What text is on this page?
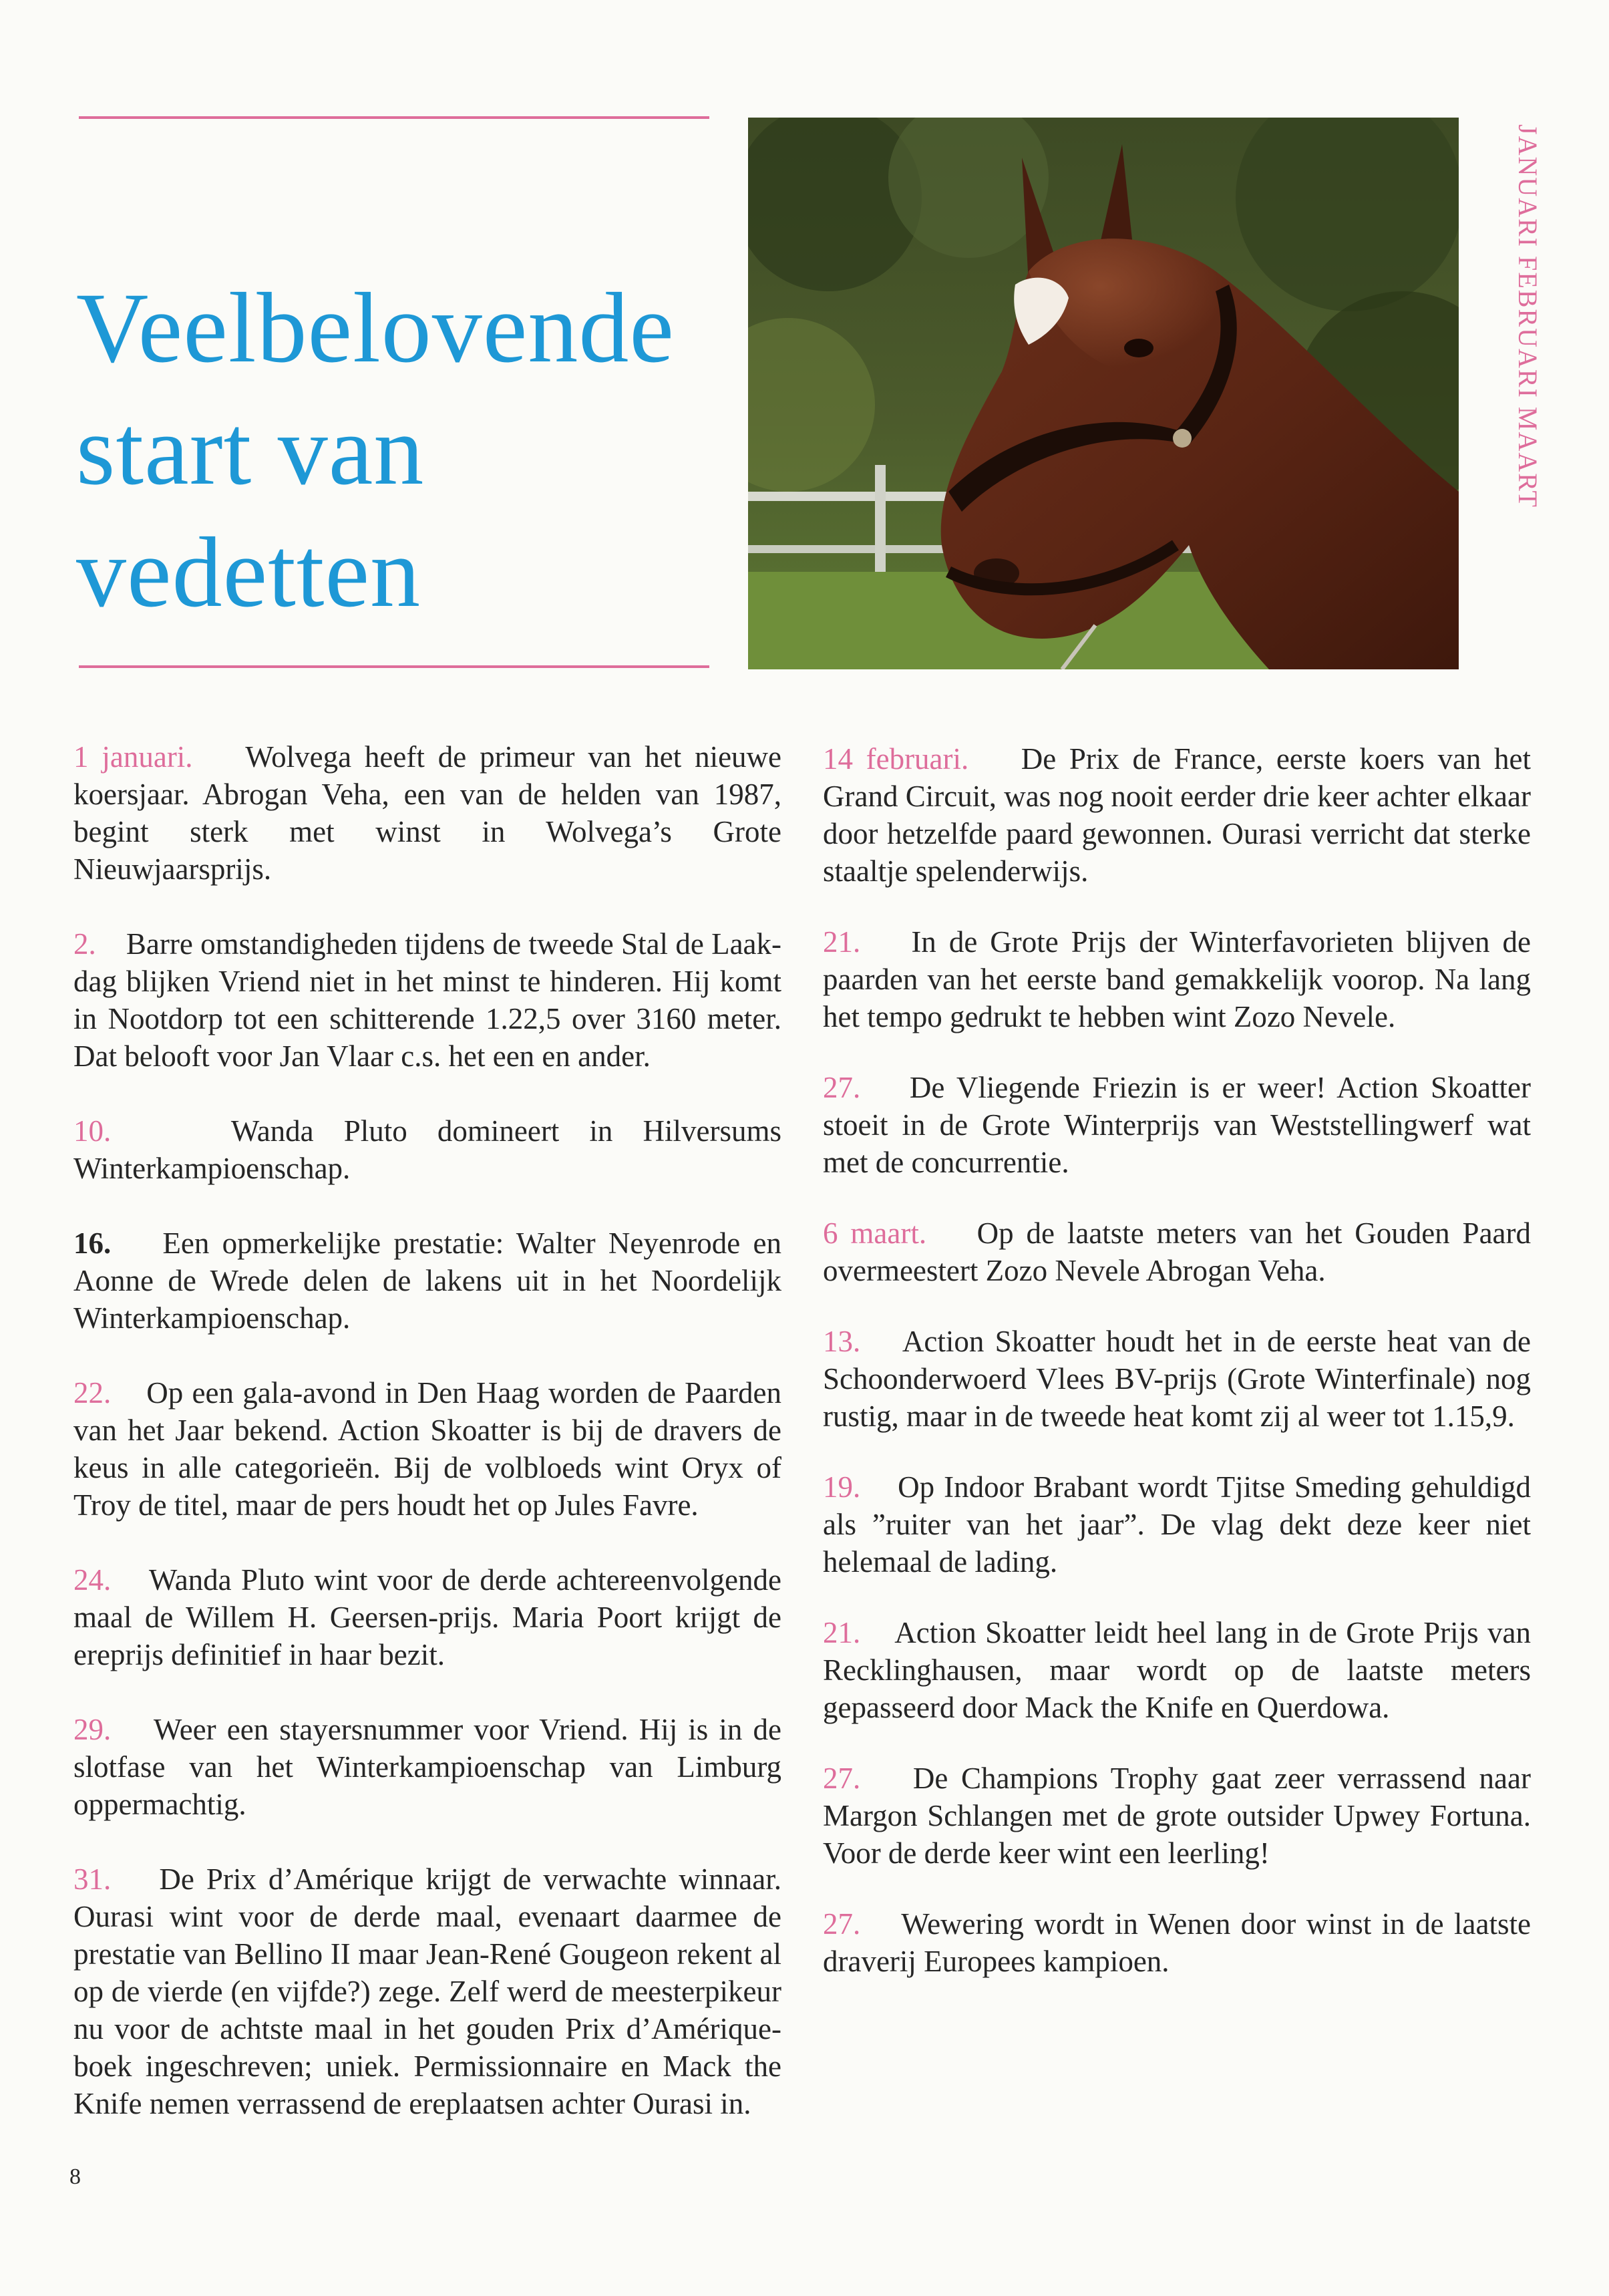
Veelbelovende
start van
vedetten
JANUARI FEBRUARI MAART

1 januari. Wolvega heeft de primeur van het nieuwe koersjaar. Abrogan Veha, een van de helden van 1987, begint sterk met winst in Wolvega’s Grote Nieuwjaarsprijs.

2. Barre omstandigheden tijdens de tweede Stal de Laak-dag blijken Vriend niet in het minst te hinderen. Hij komt in Nootdorp tot een schitterende 1.22,5 over 3160 meter. Dat belooft voor Jan Vlaar c.s. het een en ander.

10.	Wanda Pluto domineert in Hilversums Winterkampioenschap.

16. Een opmerkelijke prestatie: Walter Neyenrode en Aonne de Wrede delen de lakens uit in het Noordelijk Winterkampioenschap.

22. Op een gala-avond in Den Haag worden de Paarden van het Jaar bekend. Action Skoatter is bij de dravers de keus in alle categorieën. Bij de volbloeds wint Oryx of Troy de titel, maar de pers houdt het op Jules Favre.

24. Wanda Pluto wint voor de derde achtereenvolgende maal de Willem H. Geersen-prijs. Maria Poort krijgt de ereprijs definitief in haar bezit.

29. Weer een stayersnummer voor Vriend. Hij is in de slotfase van het Winterkampioenschap van Limburg oppermachtig.

31. De Prix d’Amérique krijgt de verwachte winnaar. Ourasi wint voor de derde maal, evenaart daarmee de prestatie van Bellino II maar Jean-René Gougeon rekent al op de vierde (en vijfde?) zege. Zelf werd de meesterpikeur nu voor de achtste maal in het gouden Prix d’Amérique-boek ingeschreven; uniek. Permissionnaire en Mack the Knife nemen verrassend de ereplaatsen achter Ourasi in.

14 februari. De Prix de France, eerste koers van het Grand Circuit, was nog nooit eerder drie keer achter elkaar door hetzelfde paard gewonnen. Ourasi verricht dat sterke staaltje spelenderwijs.

21. In de Grote Prijs der Winterfavorieten blijven de paarden van het eerste band gemakkelijk voorop. Na lang het tempo gedrukt te hebben wint Zozo Nevele.

27. De Vliegende Friezin is er weer! Action Skoatter stoeit in de Grote Winterprijs van Weststellingwerf wat met de concurrentie.

6 maart. Op de laatste meters van het Gouden Paard overmeestert Zozo Nevele Abrogan Veha.

13. Action Skoatter houdt het in de eerste heat van de Schoonderwoerd Vlees BV-prijs (Grote Winterfinale) nog rustig, maar in de tweede heat komt zij al weer tot 1.15,9.

19. Op Indoor Brabant wordt Tjitse Smeding gehuldigd als ”ruiter van het jaar”. De vlag dekt deze keer niet helemaal de lading.

21. Action Skoatter leidt heel lang in de Grote Prijs van Recklinghausen, maar wordt op de laatste meters gepasseerd door Mack the Knife en Querdowa.

27. De Champions Trophy gaat zeer verrassend naar Margon Schlangen met de grote outsider Upwey Fortuna. Voor de derde keer wint een leerling!

27. Wewering wordt in Wenen door winst in de laatste draverij Europees kampioen.

8
